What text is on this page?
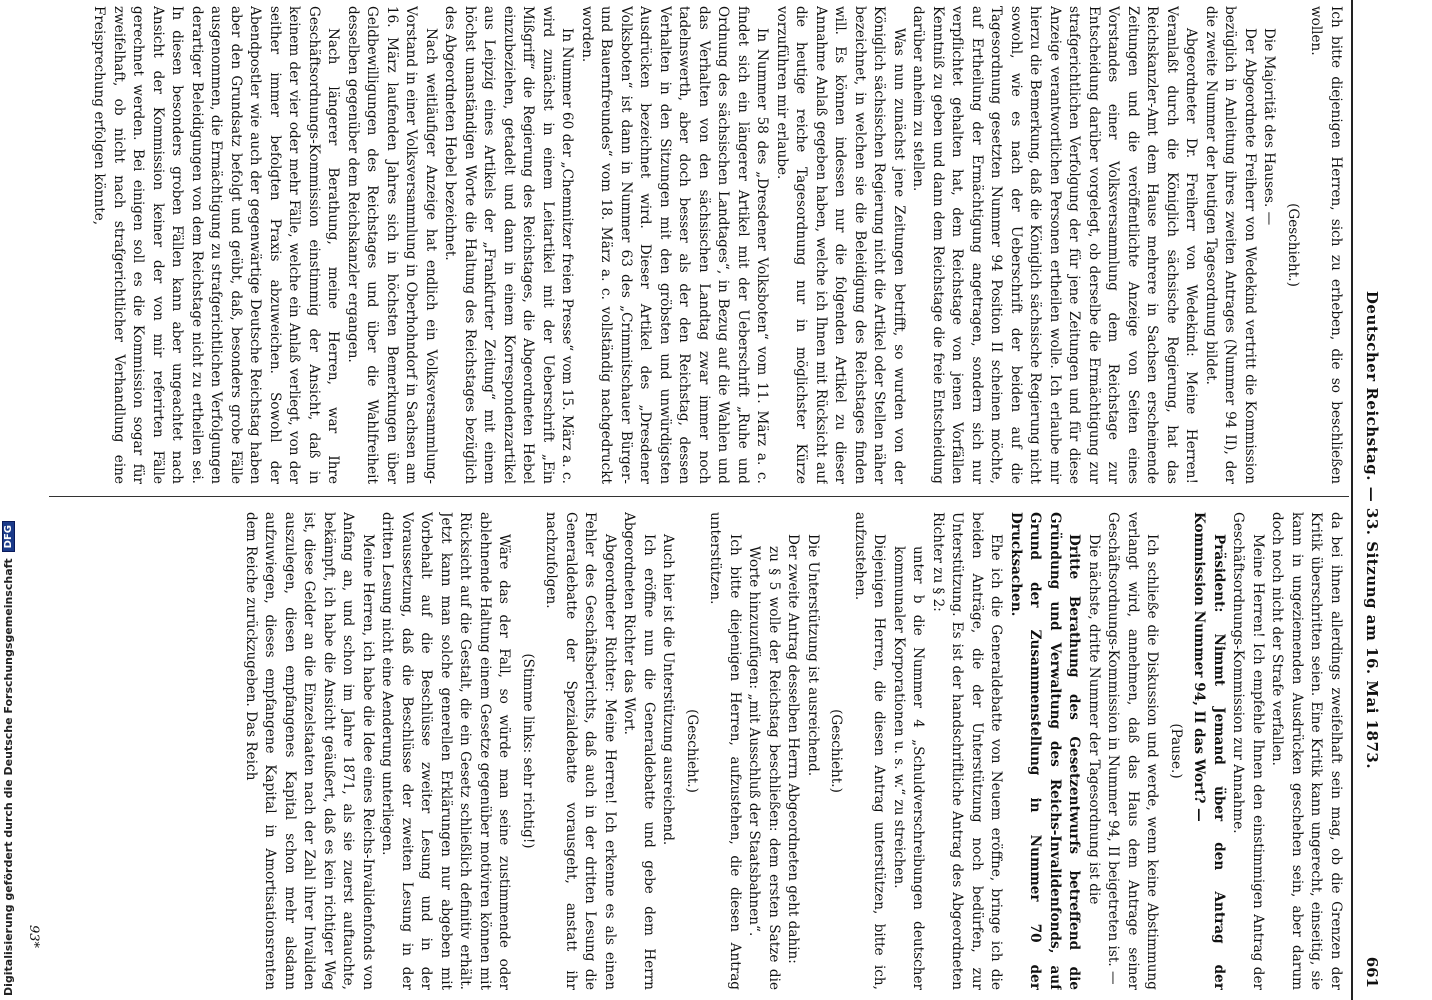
Digitalisierung gefördert durch die Deutsche Forschungsgemeinschaft
DFG	Deutscher Reichstag. — 33. Sitzung am 16. Mai 1873.
661

Ich bitte diejenigen Herren, sich zu erheben, die so beschließen wollen.

(Geschieht.)

Die Majorität des Hauses. —

Der Abgeordnete Freiherr von Wedekind vertritt die Kommission bezüglich in Anleitung ihres zweiten Antrages (Nummer 94 II), der die zweite Nummer der heutigen Tagesordnung bildet.

Abgeordneter Dr. Freiherr von Wedekind: Meine Herren! Veranlaßt durch die Königlich sächsische Regierung, hat das Reichskanzler-Amt dem Hause mehrere in Sachsen erscheinende Zeitungen und die veröffentlichte Anzeige von Seiten eines Vorstandes einer Volksversammlung dem Reichstage zur Entscheidung darüber vorgelegt, ob derselbe die Ermächtigung zur strafgerichtlichen Verfolgung der für jene Zeitungen und für diese Anzeige verantwortlichen Personen ertheilen wolle. Ich erlaube mir hierzu die Bemerkung, daß die Königlich sächsische Regierung nicht sowohl, wie es nach der Ueberschrift der beiden auf die Tagesordnung gesetzten Nummer 94 Position II scheinen möchte, auf Ertheilung der Ermächtigung angetragen, sondern sich nur verpflichtet gehalten hat, dem Reichstage von jenen Vorfällen Kenntniß zu geben und dann dem Reichstage die freie Entscheidung darüber anheim zu stellen.

Was nun zunächst jene Zeitungen betrifft, so wurden von der Königlich sächsischen Regierung nicht die Artikel oder Stellen näher bezeichnet, in welchen sie die Beleidigung des Reichstages finden will. Es können indessen nur die folgenden Artikel zu dieser Annahme Anlaß gegeben haben, welche ich Ihnen mit Rücksicht auf die heutige reiche Tagesordnung nur in möglichster Kürze vorzuführen mir erlaube.

In Nummer 58 des „Dresdener Volksboten“ vom 11. März a. c. findet sich ein längerer Artikel mit der Ueberschrift „Ruhe und Ordnung des sächsischen Landtages“, in Bezug auf die Wahlen und das Verhalten von den sächsischen Landtag zwar immer noch tadelnswerth, aber doch besser als der den Reichstag, dessen Verhalten in den Sitzungen mit den gröbsten und unwürdigsten Ausdrücken bezeichnet wird. Dieser Artikel des „Dresdener Volksboten“ ist dann in Nummer 63 des „Crimmitschauer Bürger- und Bauernfreundes“ vom 18. März a. c. vollständig nachgedruckt worden.

In Nummer 60 der „Chemnitzer freien Presse“ vom 15. März a. c. wird zunächst in einem Leitartikel mit der Ueberschrift „Ein Mißgriff“ die Regierung des Reichstages, die Abgeordneten Hebel einzubeziehen, getadelt und dann in einem Korrespondenzartikel aus Leipzig eines Artikels der „Frankfurter Zeitung“ mit einem höchst unanständigen Worte die Haltung des Reichstages bezüglich des Abgeordneten Hebel bezeichnet.

Nach weitläufiger Anzeige hat endlich ein Volksversammlung-Vorstand in einer Volksversammlung in Oberhohndorf in Sachsen am 16. März laufenden Jahres sich in höchsten Bemerkungen über Geldbewilligungen des Reichstages und über die Wahlfreiheit desselben gegenüber dem Reichskanzler ergangen.

Nach längerer Berathung, meine Herren, war Ihre Geschäftsordnungs-Kommission einstimmig der Ansicht, daß in keinem der vier oder mehr Fälle, welche ein Anlaß verliegt, von der seither immer befolgten Praxis abzuweichen. Sowohl der Abendpostler wie auch der gegenwärtige Deutsche Reichstag haben aber den Grundsatz befolgt und geübt, daß, besonders grobe Fälle ausgenommen, die Ermächtigung zu strafgerichtlichen Verfolgungen derartiger Beleidigungen von dem Reichstage nicht zu ertheilen sei. In diesen besonders groben Fällen kann aber ungeachtet nach Ansicht der Kommission keiner der von mir referirten Fälle gerechnet werden. Bei einigen soll es die Kommission sogar für zweifelhaft, ob nicht nach strafgerichtlicher Verhandlung eine Freisprechung erfolgen könnte,

da bei ihnen allerdings zweifelhaft sein mag, ob die Grenzen der Kritik überschritten seien. Eine Kritik kann ungerecht, einseitig, sie kann in ungeziemenden Ausdrücken geschehen sein, aber darum doch noch nicht der Strafe verfallen.

Meine Herren! Ich empfehle Ihnen den einstimmigen Antrag der Geschäftsordnungs-Kommission zur Annahme.

Präsident: Nimmt Jemand über den Antrag der Kommission Nummer 94, II das Wort? —

(Pause.)

Ich schließe die Diskussion und werde, wenn keine Abstimmung verlangt wird, annehmen, daß das Haus dem Antrage seiner Geschäftsordnungs-Kommission in Nummer 94, II beigetreten ist. —

Die nächste, dritte Nummer der Tagesordnung ist die

Dritte Berathung des Gesetzentwurfs betreffend die Gründung und Verwaltung des Reichs-Invalidenfonds, auf Grund der Zusammenstellung in Nummer 70 der Drucksachen.

Ehe ich die Generaldebatte von Neuem eröffne, bringe ich die beiden Anträge, die der Unterstützung noch bedürfen, zur Unterstützung. Es ist der handschriftliche Antrag des Abgeordneten Richter zu § 2:

unter b die Nummer 4 „Schuldverschreibungen deutscher kommunaler Korporationen u. s. w.“ zu streichen.

Diejenigen Herren, die diesen Antrag unterstützen, bitte ich, aufzustehen.

(Geschieht.)

Die Unterstützung ist ausreichend.

Der zweite Antrag desselben Herrn Abgeordneten geht dahin:

zu § 5 wolle der Reichstag beschließen: dem ersten Satze die Worte hinzuzufügen: „mit Ausschluß der Staatsbahnen“.

Ich bitte diejenigen Herren, aufzustehen, die diesen Antrag unterstützen.

(Geschieht.)

Auch hier ist die Unterstützung ausreichend.

Ich eröffne nun die Generaldebatte und gebe dem Herrn Abgeordneten Richter das Wort.

Abgeordneter Richter: Meine Herren! Ich erkenne es als einen Fehler des Geschäftsberichts, daß auch in der dritten Lesung die Generaldebatte der Spezialdebatte vorausgeht, anstatt ihr nachzufolgen.

(Stimme links: sehr richtig!)

Wäre das der Fall, so würde man seine zustimmende oder ablehnende Haltung einem Gesetze gegenüber motiviren können mit Rücksicht auf die Gestalt, die ein Gesetz schließlich definitiv erhält. Jetzt kann man solche generellen Erklärungen nur abgeben mit Vorbehalt auf die Beschlüsse zweiter Lesung und in der Voraussetzung, daß die Beschlüsse der zweiten Lesung in der dritten Lesung nicht eine Aenderung unterliegen.

Meine Herren, ich habe die Idee eines Reichs-Invalidenfonds von Anfang an, und schon im Jahre 1871, als sie zuerst auftauchte, bekämpft, ich habe die Ansicht geäußert, daß es kein richtiger Weg ist, diese Gelder an die Einzelstaaten nach der Zahl ihrer Invaliden auszulegen, diesen empfangenes Kapital schon mehr alsdann aufzuwiegen, dieses empfangene Kapital in Amortisationsrenten dem Reiche zurückzugeben. Das Reich

93*
